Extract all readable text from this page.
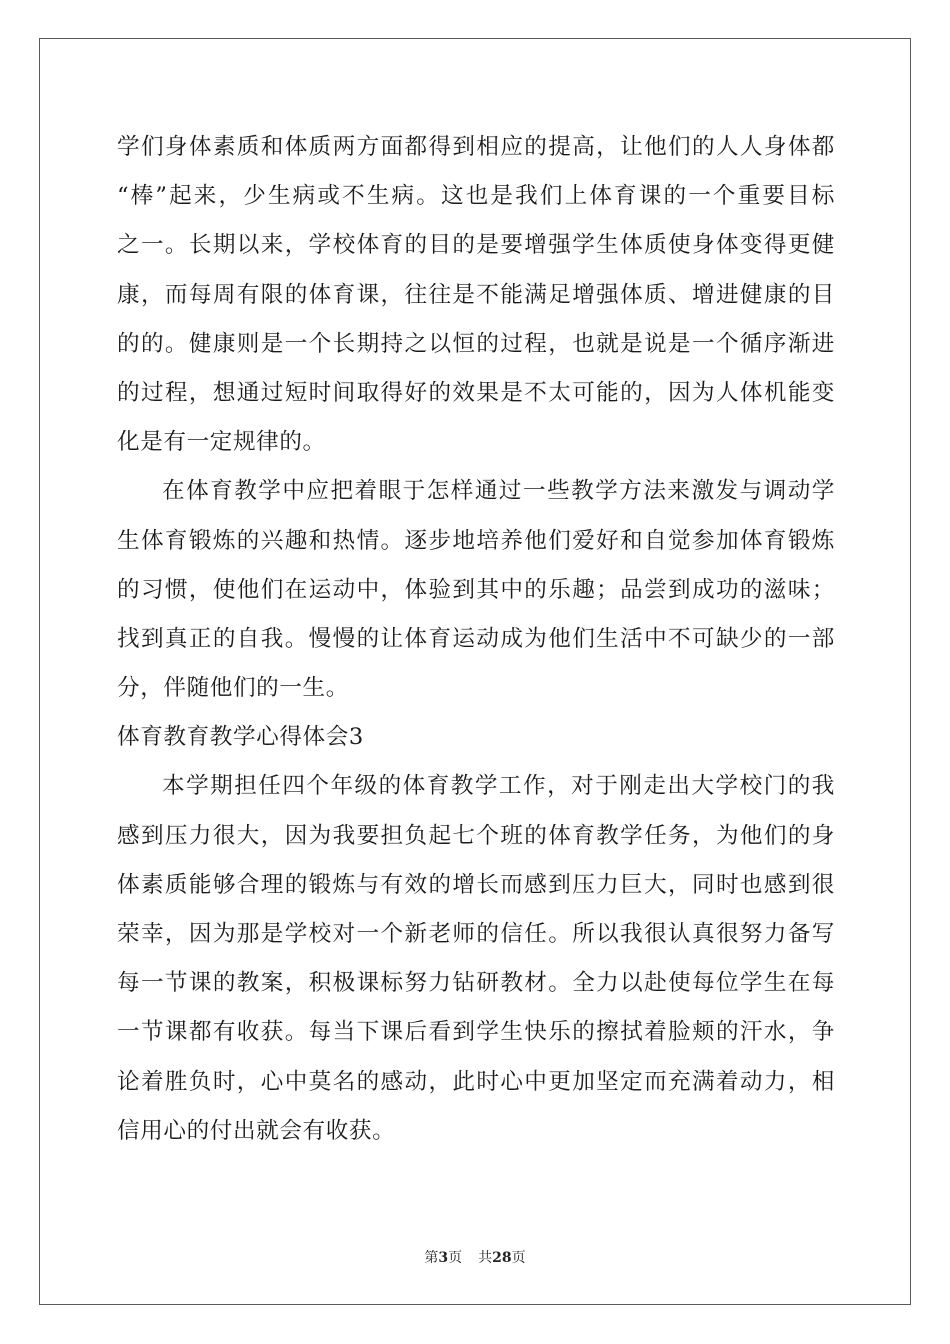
学们身体素质和体质两方面都得到相应的提高，让他们的人人身体都
“棒”起来，少生病或不生病。这也是我们上体育课的一个重要目标
之一。长期以来，学校体育的目的是要增强学生体质使身体变得更健
康，而每周有限的体育课，往往是不能满足增强体质、增进健康的目
的的。健康则是一个长期持之以恒的过程，也就是说是一个循序渐进
的过程，想通过短时间取得好的效果是不太可能的，因为人体机能变
化是有一定规律的。
在体育教学中应把着眼于怎样通过一些教学方法来激发与调动学
生体育锻炼的兴趣和热情。逐步地培养他们爱好和自觉参加体育锻炼
的习惯，使他们在运动中，体验到其中的乐趣；品尝到成功的滋味；
找到真正的自我。慢慢的让体育运动成为他们生活中不可缺少的一部
分，伴随他们的一生。
体育教育教学心得体会3
本学期担任四个年级的体育教学工作，对于刚走出大学校门的我
感到压力很大，因为我要担负起七个班的体育教学任务，为他们的身
体素质能够合理的锻炼与有效的增长而感到压力巨大，同时也感到很
荣幸，因为那是学校对一个新老师的信任。所以我很认真很努力备写
每一节课的教案，积极课标努力钻研教材。全力以赴使每位学生在每
一节课都有收获。每当下课后看到学生快乐的擦拭着脸颊的汗水，争
论着胜负时，心中莫名的感动，此时心中更加坚定而充满着动力，相
信用心的付出就会有收获。
第3页 共28页
